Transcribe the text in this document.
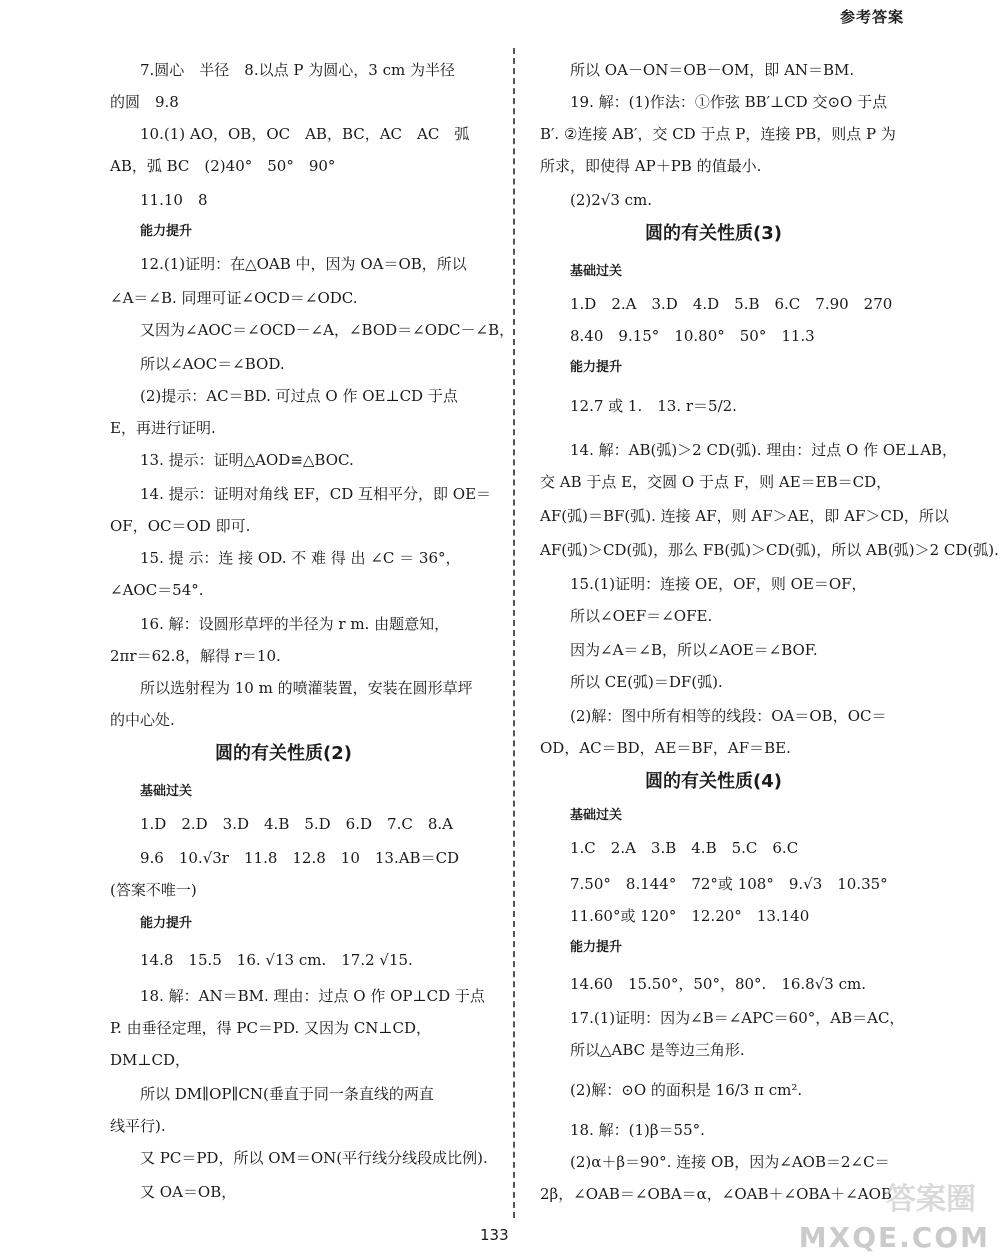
参考答案
7.圆心　半径　8.以点 P 为圆心，3 cm 为半径
的圆　9.8
10.(1) AO，OB，OC　AB，BC，AC　AC　弧
AB，弧 BC　(2)40°　50°　90°
11.10　8
能力提升
12.(1)证明：在△OAB 中，因为 OA＝OB，所以
∠A＝∠B. 同理可证∠OCD＝∠ODC.
又因为∠AOC＝∠OCD－∠A，∠BOD＝∠ODC－∠B，
所以∠AOC＝∠BOD.
(2)提示：AC＝BD. 可过点 O 作 OE⊥CD 于点
E，再进行证明.
13. 提示：证明△AOD≌△BOC.
14. 提示：证明对角线 EF，CD 互相平分，即 OE＝
OF，OC＝OD 即可.
15. 提 示：连 接 OD. 不 难 得 出 ∠C ＝ 36°，
∠AOC＝54°.
16. 解：设圆形草坪的半径为 r m. 由题意知，
2πr＝62.8，解得 r＝10.
所以选射程为 10 m 的喷灌装置，安装在圆形草坪
的中心处.
圆的有关性质(2)
基础过关
1.D　2.D　3.D　4.B　5.D　6.D　7.C　8.A
9.6　10.√3r　11.8　12.8　10　13.AB＝CD
(答案不唯一)
能力提升
14.8　15.5　16. √13 cm.　17.2 √15.
18. 解：AN＝BM. 理由：过点 O 作 OP⊥CD 于点
P. 由垂径定理，得 PC＝PD. 又因为 CN⊥CD，
DM⊥CD，
所以 DM∥OP∥CN(垂直于同一条直线的两直
线平行).
又 PC＝PD，所以 OM＝ON(平行线分线段成比例).
又 OA＝OB，
所以 OA－ON＝OB－OM，即 AN＝BM.
19. 解：(1)作法：①作弦 BB′⊥CD 交⊙O 于点
B′. ②连接 AB′，交 CD 于点 P，连接 PB，则点 P 为
所求，即使得 AP＋PB 的值最小.
(2)2√3 cm.
圆的有关性质(3)
基础过关
1.D　2.A　3.D　4.D　5.B　6.C　7.90　270
8.40　9.15°　10.80°　50°　11.3
能力提升
12.7 或 1.　13. r＝5/2.
14. 解：AB(弧)＞2 CD(弧). 理由：过点 O 作 OE⊥AB，
交 AB 于点 E，交圆 O 于点 F，则 AE＝EB＝CD，
AF(弧)＝BF(弧). 连接 AF，则 AF＞AE，即 AF＞CD，所以
AF(弧)＞CD(弧)，那么 FB(弧)＞CD(弧)，所以 AB(弧)＞2 CD(弧).
15.(1)证明：连接 OE，OF，则 OE＝OF，
所以∠OEF＝∠OFE.
因为∠A＝∠B，所以∠AOE＝∠BOF.
所以 CE(弧)＝DF(弧).
(2)解：图中所有相等的线段：OA＝OB，OC＝
OD，AC＝BD，AE＝BF，AF＝BE.
圆的有关性质(4)
基础过关
1.C　2.A　3.B　4.B　5.C　6.C
7.50°　8.144°　72°或 108°　9.√3　10.35°
11.60°或 120°　12.20°　13.140
能力提升
14.60　15.50°，50°，80°.　16.8√3 cm.
17.(1)证明：因为∠B＝∠APC＝60°，AB＝AC，
所以△ABC 是等边三角形.
(2)解：⊙O 的面积是 16/3 π cm².
18. 解：(1)β＝55°.
(2)α＋β＝90°. 连接 OB，因为∠AOB＝2∠C＝
2β，∠OAB＝∠OBA＝α，∠OAB＋∠OBA＋∠AOB
133
答案圈
MXQE.COM
